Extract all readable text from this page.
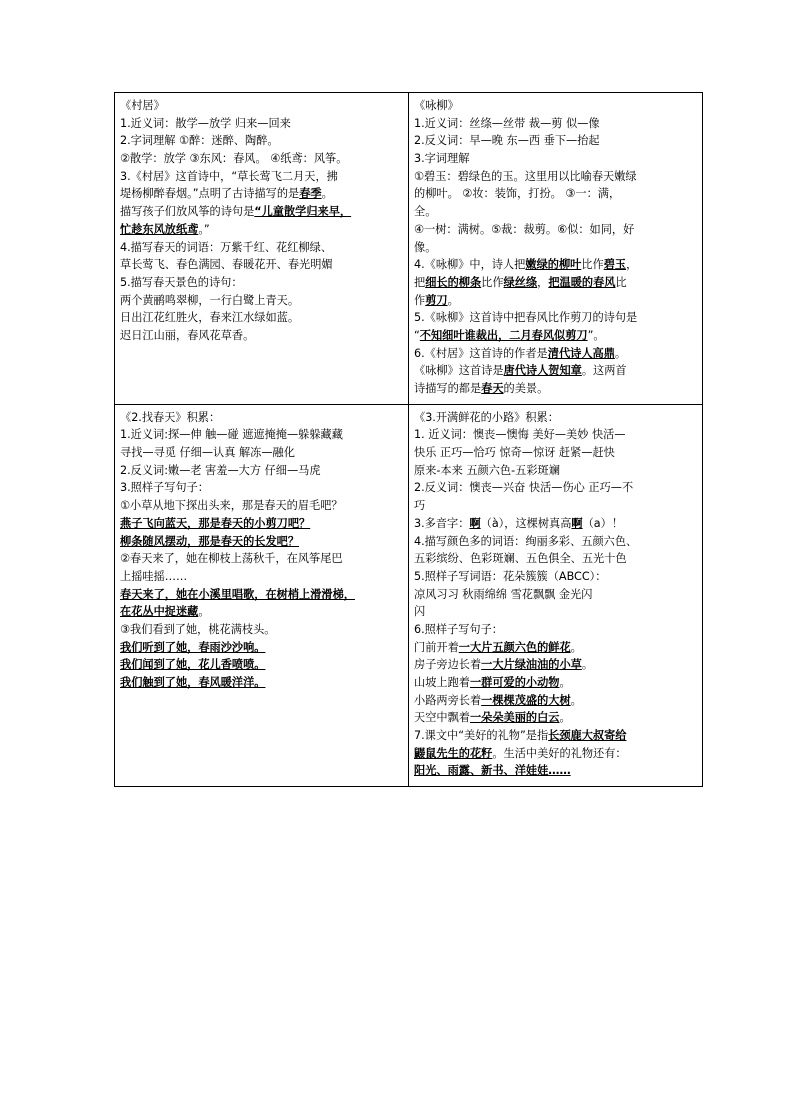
《村居》
1.近义词：散学—放学 归来—回来
2.字词理解 ①醉：迷醉、陶醉。
②散学：放学 ③东风：春风。 ④纸鸢：风筝。
3.《村居》这首诗中，“草长莺飞二月天，拂
堤杨柳醉春烟。”点明了古诗描写的是春季。
描写孩子们放风筝的诗句是“儿童散学归来早，
忙趁东风放纸鸢。”
4.描写春天的词语：万紫千红、花红柳绿、
草长莺飞、春色满园、春暖花开、春光明媚
5.描写春天景色的诗句：
两个黄鹂鸣翠柳，一行白鹭上青天。
日出江花红胜火，春来江水绿如蓝。
迟日江山丽，春风花草香。

《咏柳》
1.近义词：丝绦—丝带 裁—剪 似—像
2.反义词：早—晚 东—西 垂下—抬起
3.字词理解
①碧玉：碧绿色的玉。这里用以比喻春天嫩绿
的柳叶。 ②妆：装饰，打扮。 ③一：满，
全。
④一树：满树。⑤裁：裁剪。⑥似：如同，好
像。
4.《咏柳》中，诗人把嫩绿的柳叶比作碧玉，
把细长的柳条比作绿丝绦，把温暖的春风比
作剪刀。
5.《咏柳》这首诗中把春风比作剪刀的诗句是
“不知细叶谁裁出，二月春风似剪刀”。
6.《村居》这首诗的作者是清代诗人高鼎。
《咏柳》这首诗是唐代诗人贺知章。这两首
诗描写的都是春天的美景。

《2.找春天》积累：
1.近义词:探—伸 触—碰 遮遮掩掩—躲躲藏藏
寻找—寻觅 仔细—认真 解冻—融化
2.反义词:嫩—老 害羞—大方 仔细—马虎
3.照样子写句子：
①小草从地下探出头来，那是春天的眉毛吧？
燕子飞向蓝天，那是春天的小剪刀吧？
柳条随风摆动，那是春天的长发吧？
②春天来了，她在柳枝上荡秋千，在风筝尾巴
上摇哇摇……
春天来了，她在小溪里唱歌，在树梢上滑滑梯，
在花丛中捉迷藏。
③我们看到了她，桃花满枝头。
我们听到了她，春雨沙沙响。
我们闻到了她，花儿香喷喷。
我们触到了她，春风暖洋洋。

《3.开满鲜花的小路》积累：
1. 近义词：懊丧—懊悔 美好—美妙 快活—
快乐 正巧—恰巧 惊奇—惊讶 赶紧—赶快
原来-本来 五颜六色-五彩斑斓
2.反义词：懊丧—兴奋 快活—伤心 正巧—不
巧
3.多音字：啊（à），这棵树真高啊（a）！
4.描写颜色多的词语：绚丽多彩、五颜六色、
五彩缤纷、色彩斑斓、五色俱全、五光十色
5.照样子写词语：花朵簇簇（ABCC）：
凉风习习 秋雨绵绵 雪花飘飘 金光闪
闪
6.照样子写句子：
门前开着一大片五颜六色的鲜花。
房子旁边长着一大片绿油油的小草。
山坡上跑着一群可爱的小动物。
小路两旁长着一棵棵茂盛的大树。
天空中飘着一朵朵美丽的白云。
7.课文中“美好的礼物”是指长颈鹿大叔寄给
鼹鼠先生的花籽。生活中美好的礼物还有：
阳光、雨露、新书、洋娃娃……
